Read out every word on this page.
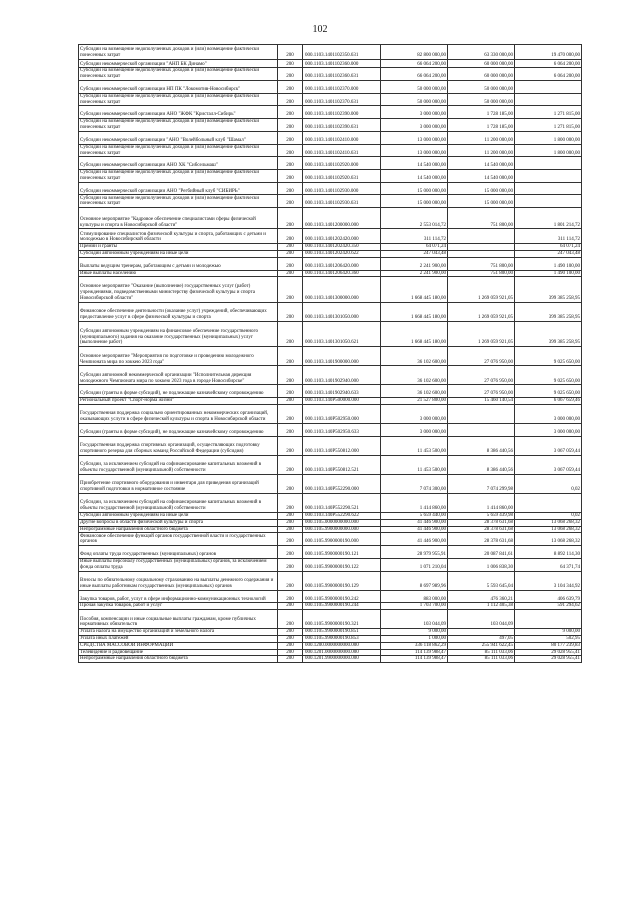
102
Субсидии на возмещение недополученных доходов и (или) возмещение фактически понесенных затрат	200	000.1103.1401102350.631	82 800 000,00	63 330 000,00	19 470 000,00
Субсидии некоммерческой организации "АНП БК Динамо"	200	000.1103.1401102360.000	66 064 200,00	60 000 000,00	6 064 200,00
Субсидии на возмещение недополученных доходов и (или) возмещение фактически понесенных затрат	200	000.1103.1401102360.631	66 064 200,00	60 000 000,00	6 064 200,00
Субсидии некоммерческой организации НП ПК "Локомотив-Новосибирск"	200	000.1103.1401102370.000	50 000 000,00	50 000 000,00	
Субсидии на возмещение недополученных доходов и (или) возмещение фактически понесенных затрат	200	000.1103.1401102370.631	50 000 000,00	50 000 000,00	
Субсидии некоммерческой организации АНО "ЖФК "Кристалл-Сибирь"	200	000.1103.1401102390.000	3 000 000,00	1 728 185,00	1 271 815,00
Субсидии на возмещение недополученных доходов и (или) возмещение фактически понесенных затрат	200	000.1103.1401102390.631	3 000 000,00	1 728 185,00	1 271 815,00
Субсидии некоммерческой организации "АНО "Волейбольный клуб "Шамал"	200	000.1103.1401102410.000	13 000 000,00	11 200 000,00	1 800 000,00
Субсидии на возмещение недополученных доходов и (или) возмещение фактически понесенных затрат	200	000.1103.1401102410.631	13 000 000,00	11 200 000,00	1 800 000,00
Субсидии некоммерческой организации АНО ХК "Сибсельмаш"	200	000.1103.1401102920.000	14 540 000,00	14 540 000,00	
Субсидии на возмещение недополученных доходов и (или) возмещение фактически понесенных затрат	200	000.1103.1401102920.631	14 540 000,00	14 540 000,00	
Субсидии некоммерческой организации АНО "Регбийный клуб "СИБИРЬ"	200	000.1103.1401102930.000	15 000 000,00	15 000 000,00	
Субсидии на возмещение недополученных доходов и (или) возмещение фактически понесенных затрат	200	000.1103.1401102930.631	15 000 000,00	15 000 000,00	
Основное мероприятие "Кадровое обеспечение специалистами сферы физической культуры и спорта в Новосибирской области"	200	000.1103.1401200000.000	2 553 014,72	751 800,00	1 801 214,72
Стимулирование специалистов физической культуры и спорта, работающих с детьми и молодежью в Новосибирской области	200	000.1103.1401202420.000	311 114,72		311 114,72
Премии и гранты	200	000.1103.1401202420.350	64 071,24		64 071,24
Субсидии автономным учреждениям на иные цели	200	000.1103.1401202420.622	247 043,48		247 043,48
Выплаты ведущим тренерам, работающим с детьми и молодежью	200	000.1103.1401206420.000	2 241 900,00	751 800,00	1 490 100,00
Иные выплаты населению	200	000.1103.1401206420.360	2 241 900,00	751 800,00	1 490 100,00
Основное мероприятие "Оказание (выполнение) государственных услуг (работ) учреждениями, подведомственными министерству физической культуры и спорта Новосибирской области"	200	000.1103.1401300000.000	1 668 445 180,00	1 269 059 921,05	399 385 258,95
Финансовое обеспечение деятельности (оказание услуг) учреждений, обеспечивающих предоставление услуг в сфере физической культуры и спорта	200	000.1103.1401301050.000	1 668 445 180,00	1 269 059 921,05	399 385 258,95
Субсидии автономным учреждениям на финансовое обеспечение государственного (муниципального) задания на оказание государственных (муниципальных) услуг (выполнение работ)	200	000.1103.1401301050.621	1 668 445 180,00	1 269 059 921,05	399 385 258,95
Основное мероприятие "Мероприятия по подготовке и проведению молодежного Чемпионата мира по хоккею 2023 года"	200	000.1103.1401900000.000	36 102 600,00	27 076 950,00	9 025 650,00
Субсидии автономной некоммерческой организации "Исполнительная дирекция молодежного Чемпионата мира по хоккею 2023 года в городе Новосибирске"	200	000.1103.1401902940.000	36 102 600,00	27 076 950,00	9 025 650,00
Субсидии (гранты в форме субсидий), не подлежащие казначейскому сопровождению	200	000.1103.1401902940.633	36 102 600,00	27 076 950,00	9 025 650,00
Региональный проект "Спорт-норма жизни"	200	000.1103.140P500000.000	21 527 800,00	15 460 140,54	6 067 659,46
Государственная поддержка социально ориентированных некоммерческих организаций, оказывающих услуги в сфере физической культуры и спорта в Новосибирской области	200	000.1103.140P502950.000	3 000 000,00		3 000 000,00
Субсидии (гранты в форме субсидий), не подлежащие казначейскому сопровождению	200	000.1103.140P502950.633	3 000 000,00		3 000 000,00
Государственная поддержка спортивных организаций, осуществляющих подготовку спортивного резерва для сборных команд Российской Федерации (субсидия)	200	000.1103.140P550812.000	11 453 500,00	8 386 440,56	3 067 059,44
Субсидии, за исключением субсидий на софинансирование капитальных вложений в объекты государственной (муниципальной) собственности	200	000.1103.140P550812.521	11 453 500,00	8 386 440,56	3 067 059,44
Приобретение спортивного оборудования и инвентаря для приведения организаций спортивной подготовки в нормативное состояние	200	000.1103.140P552290.000	7 074 300,00	7 074 299,98	0,02
Субсидии, за исключением субсидий на софинансирование капитальных вложений в объекты государственной (муниципальной) собственности	200	000.1103.140P552290.521	1 414 860,00	1 414 860,00	
Субсидии автономным учреждениям на иные цели	200	000.1103.140P552290.622	5 659 440,00	5 659 439,98	0,02
Другие вопросы в области физической культуры и спорта	200	000.1105.0000000000.000	41 446 900,00	28 378 631,68	13 068 268,32
Непрограммные направления областного бюджета	200	000.1105.9900000000.000	41 446 900,00	28 378 631,68	13 068 268,32
Финансовое обеспечение функций органов государственной власти и государственных органов	200	000.1105.9900000190.000	41 446 900,00	28 378 631,68	13 068 268,32
Фонд оплаты труда государственных (муниципальных) органов	200	000.1105.9900000190.121	28 979 955,91	20 087 841,61	8 892 114,30
Иные выплаты персоналу государственных (муниципальных) органов, за исключением фонда оплаты труда	200	000.1105.9900000190.122	1 071 210,04	1 006 838,30	64 371,74
Взносы по обязательному социальному страхованию на выплаты денежного содержания и иные выплаты работникам государственных (муниципальных) органов	200	000.1105.9900000190.129	8 697 989,96	5 593 645,04	3 104 344,92
Закупка товаров, работ, услуг в сфере информационно-коммуникационных технологий	200	000.1105.9900000190.242	883 000,00	476 360,21	406 639,79
Прочая закупка товаров, работ и услуг	200	000.1105.9900000190.244	1 703 700,00	1 112 405,38	591 294,62
Пособия, компенсации и иные социальные выплаты гражданам, кроме публичных нормативных обязательств	200	000.1105.9900000190.321	103 044,09	103 044,09	
Уплата налога на имущество организаций и земельного налога	200	000.1105.9900000190.851	9 000,00		9 000,00
Уплата иных платежей	200	000.1105.9900000190.853	1 000,00	497,05	502,95
СРЕДСТВА МАССОВОЙ ИНФОРМАЦИИ	200	000.1200.0000000000.000	336 118 862,29	255 941 622,45	80 177 239,83
Телевидение и радиовещание	200	000.1201.0000000000.000	114 139 988,47	85 111 033,06	29 028 955,41
Непрограммные направления областного бюджета	200	000.1201.9900000000.000	114 139 988,47	85 111 033,06	29 028 955,41
